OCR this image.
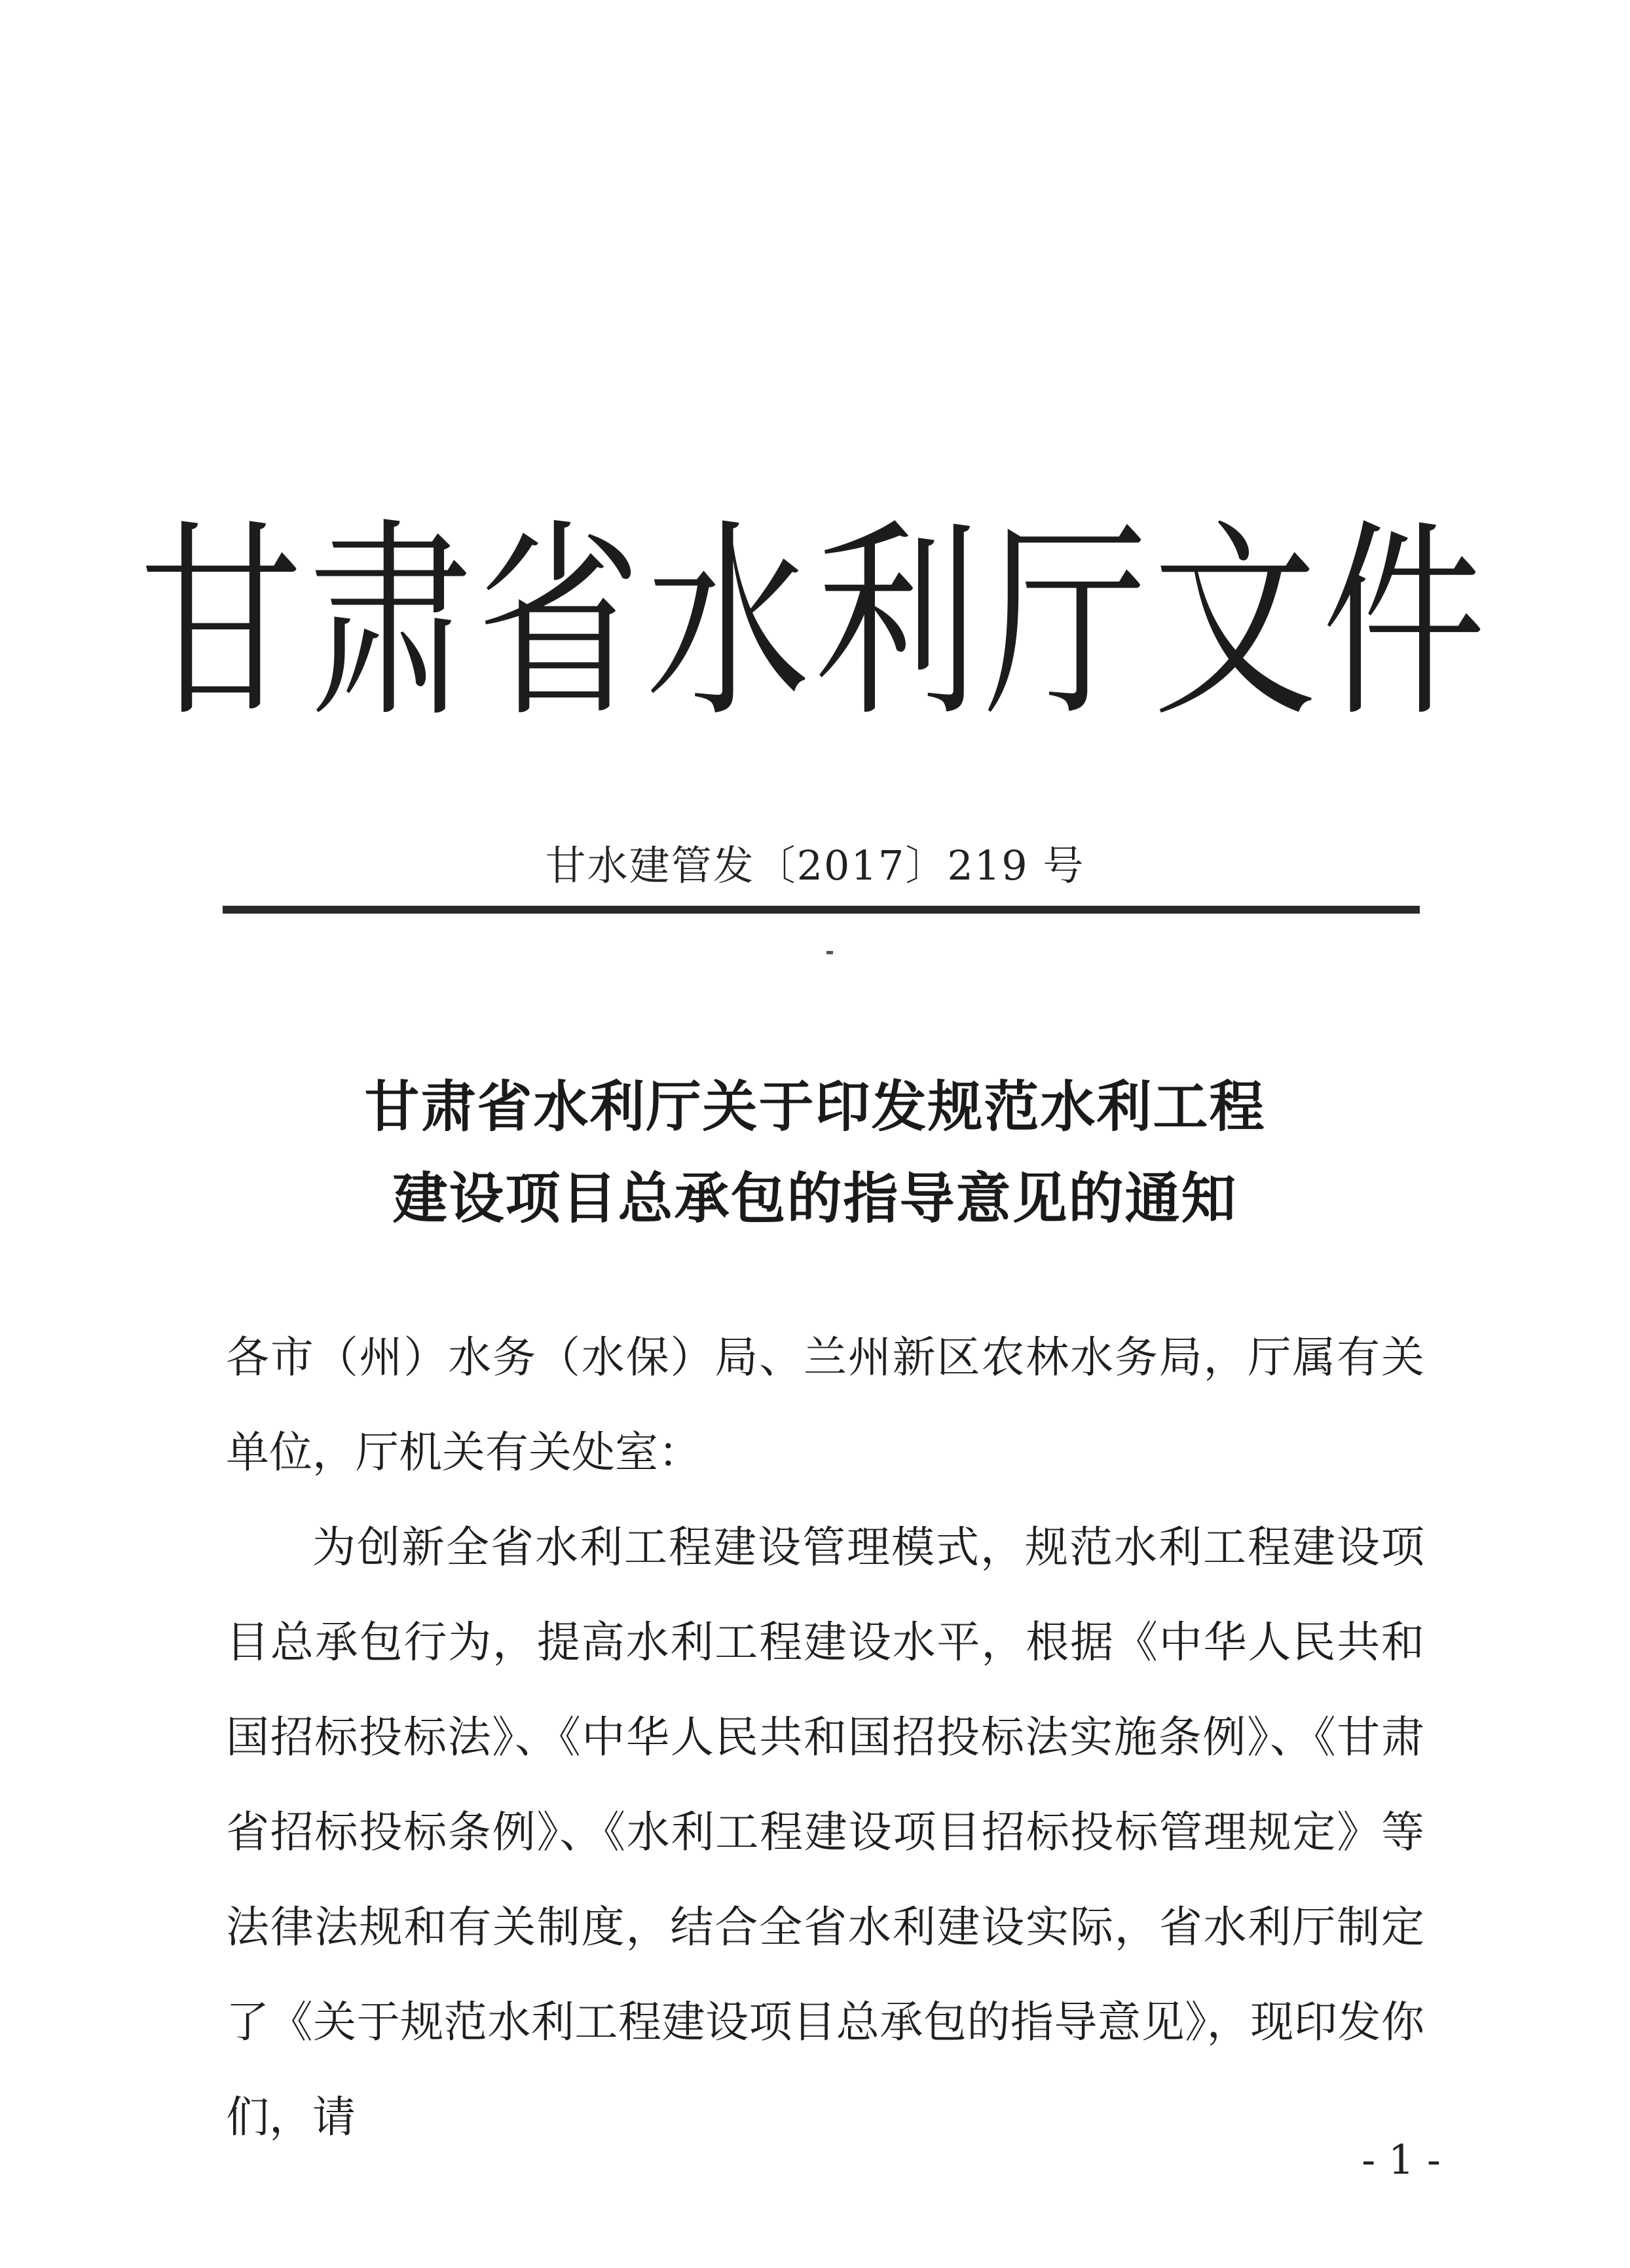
甘肃省水利厅文件
甘水建管发〔2017〕219 号
甘肃省水利厅关于印发规范水利工程
建设项目总承包的指导意见的通知

各市（州）水务（水保）局、兰州新区农林水务局，厅属有关单位，厅机关有关处室：

为创新全省水利工程建设管理模式，规范水利工程建设项目总承包行为，提高水利工程建设水平，根据《中华人民共和国招标投标法》、《中华人民共和国招投标法实施条例》、《甘肃省招标投标条例》、《水利工程建设项目招标投标管理规定》等法律法规和有关制度，结合全省水利建设实际，省水利厅制定了《关于规范水利工程建设项目总承包的指导意见》，现印发你们，请

- 1 -
